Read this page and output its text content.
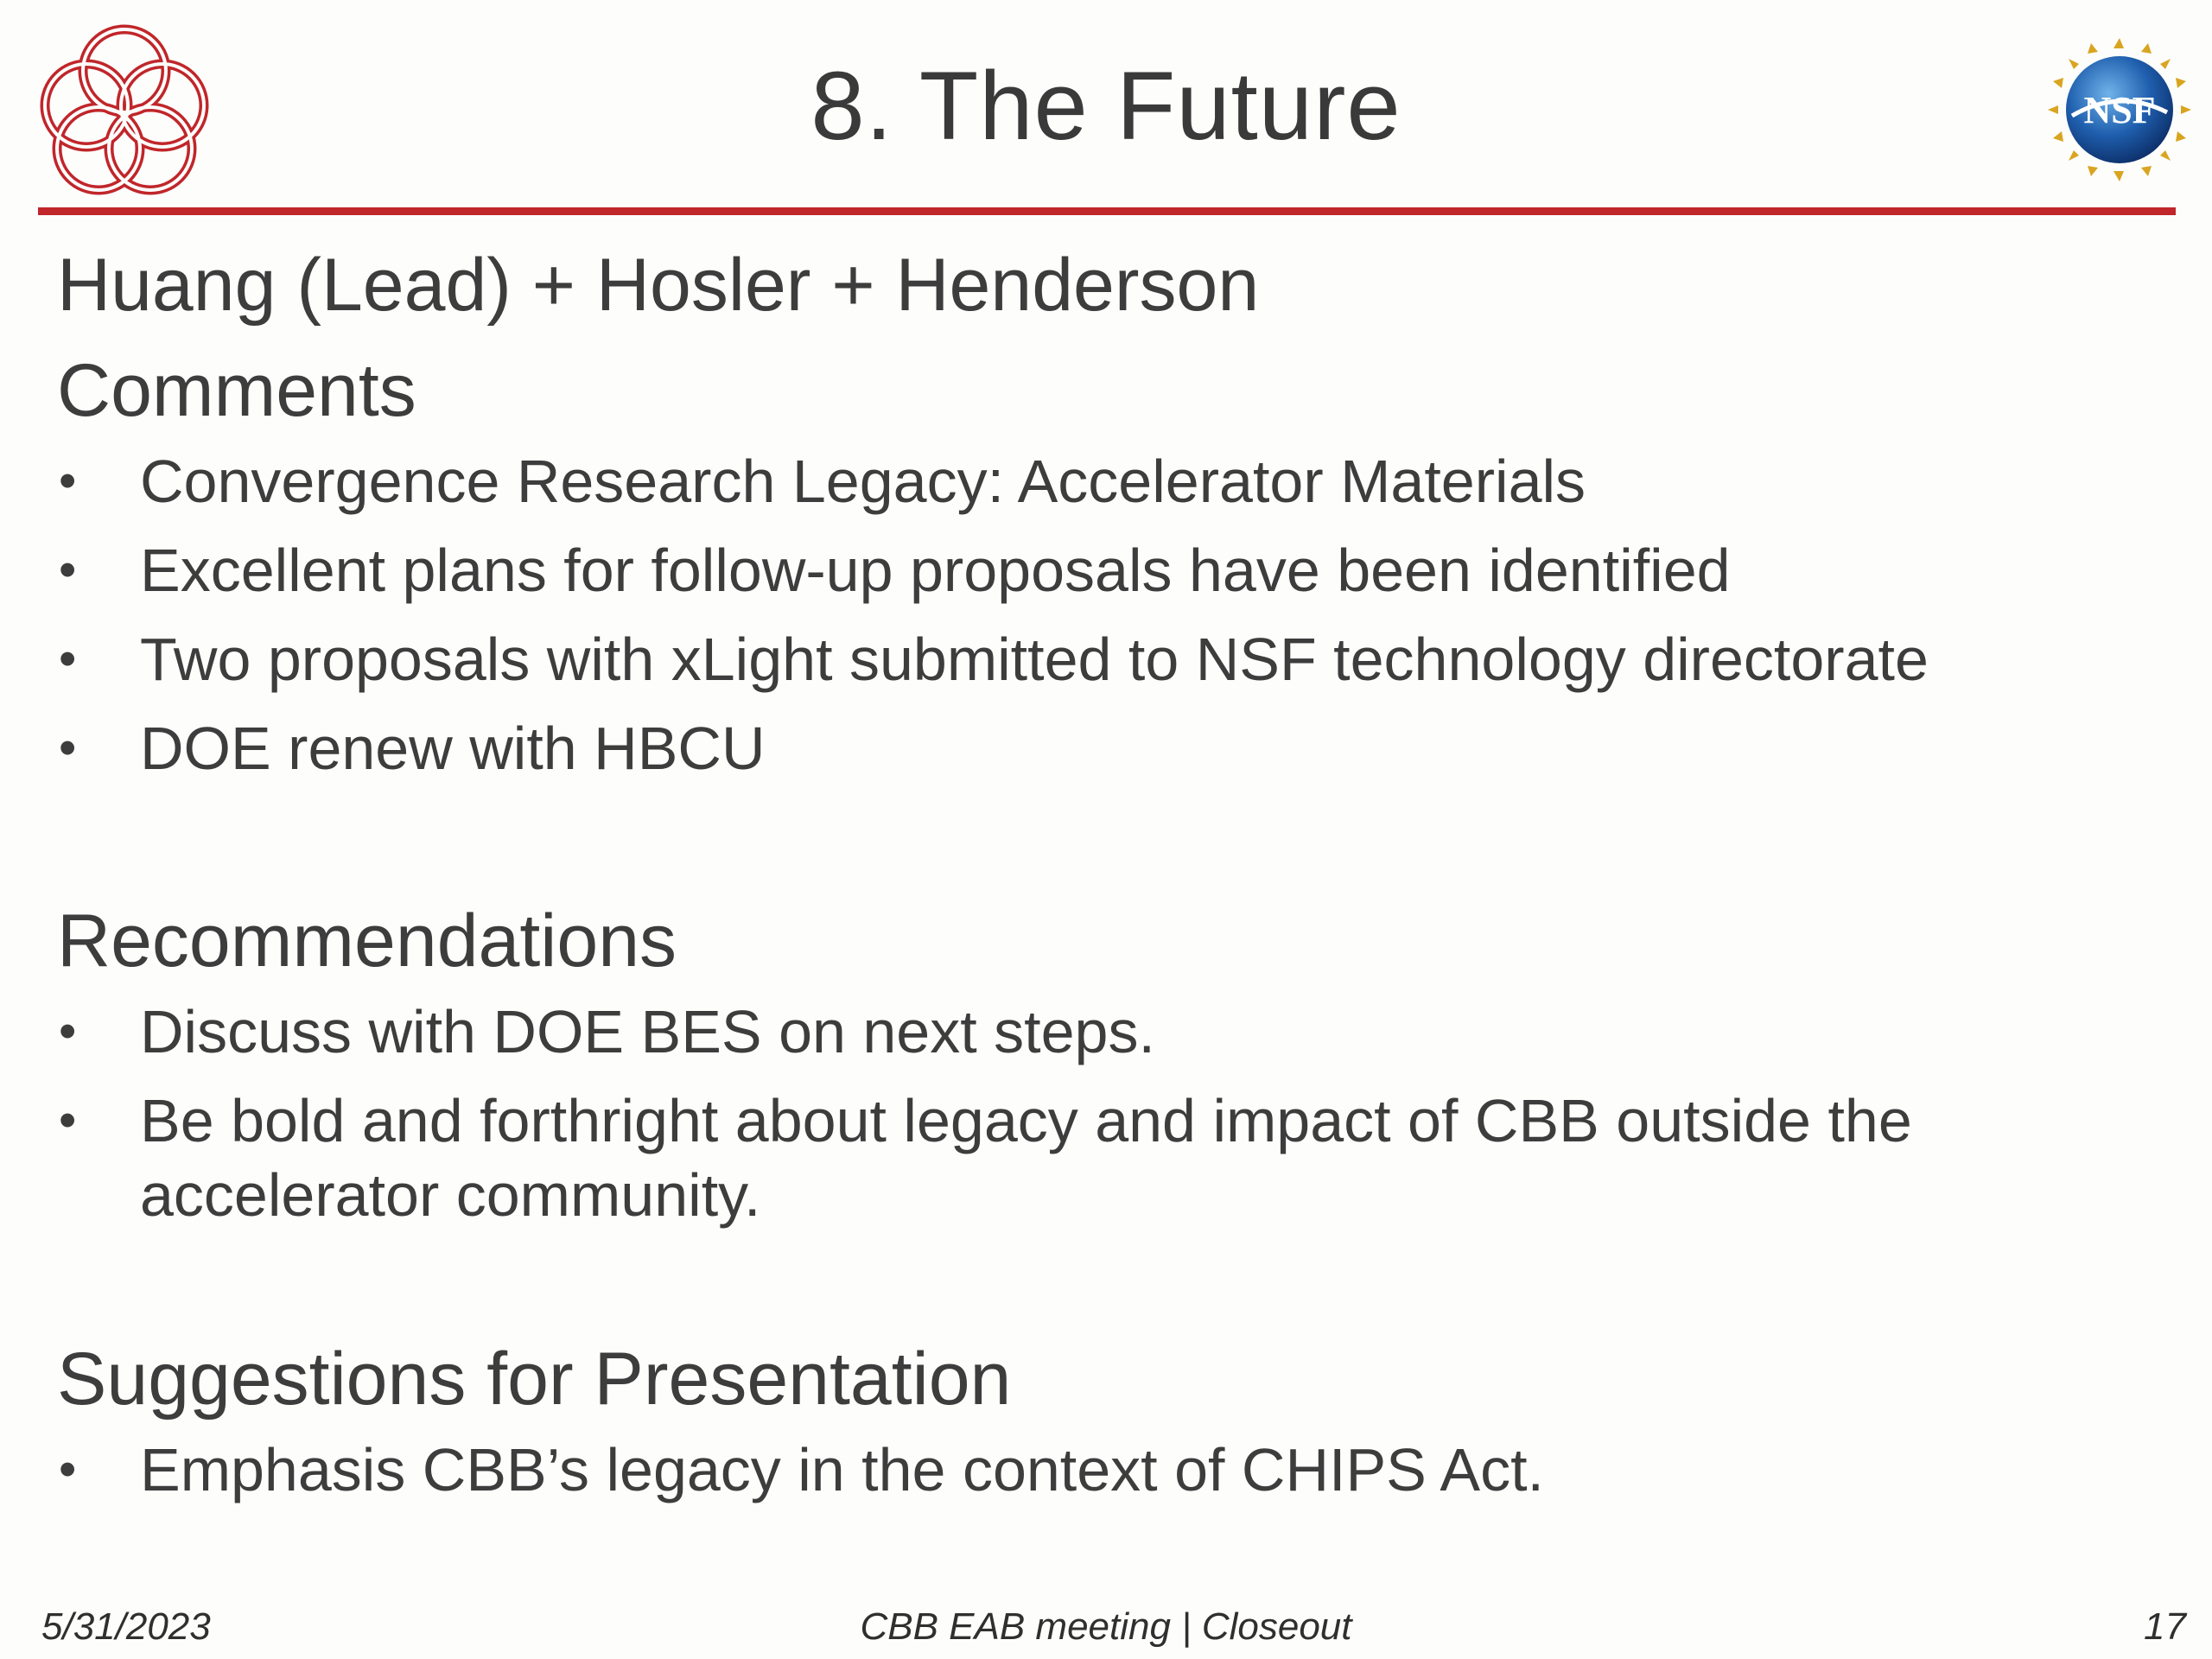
8. The Future	NSF

Huang (Lead) + Hosler + Henderson

Comments

• Convergence Research Legacy: Accelerator Materials
• Excellent plans for follow-up proposals have been identified
• Two proposals with xLight submitted to NSF technology directorate
• DOE renew with HBCU

Recommendations

• Discuss with DOE BES on next steps.
• Be bold and forthright about legacy and impact of CBB outside the accelerator community.

Suggestions for Presentation

• Emphasis CBB’s legacy in the context of CHIPS Act.
5/31/2023	CBB EAB meeting | Closeout	17
